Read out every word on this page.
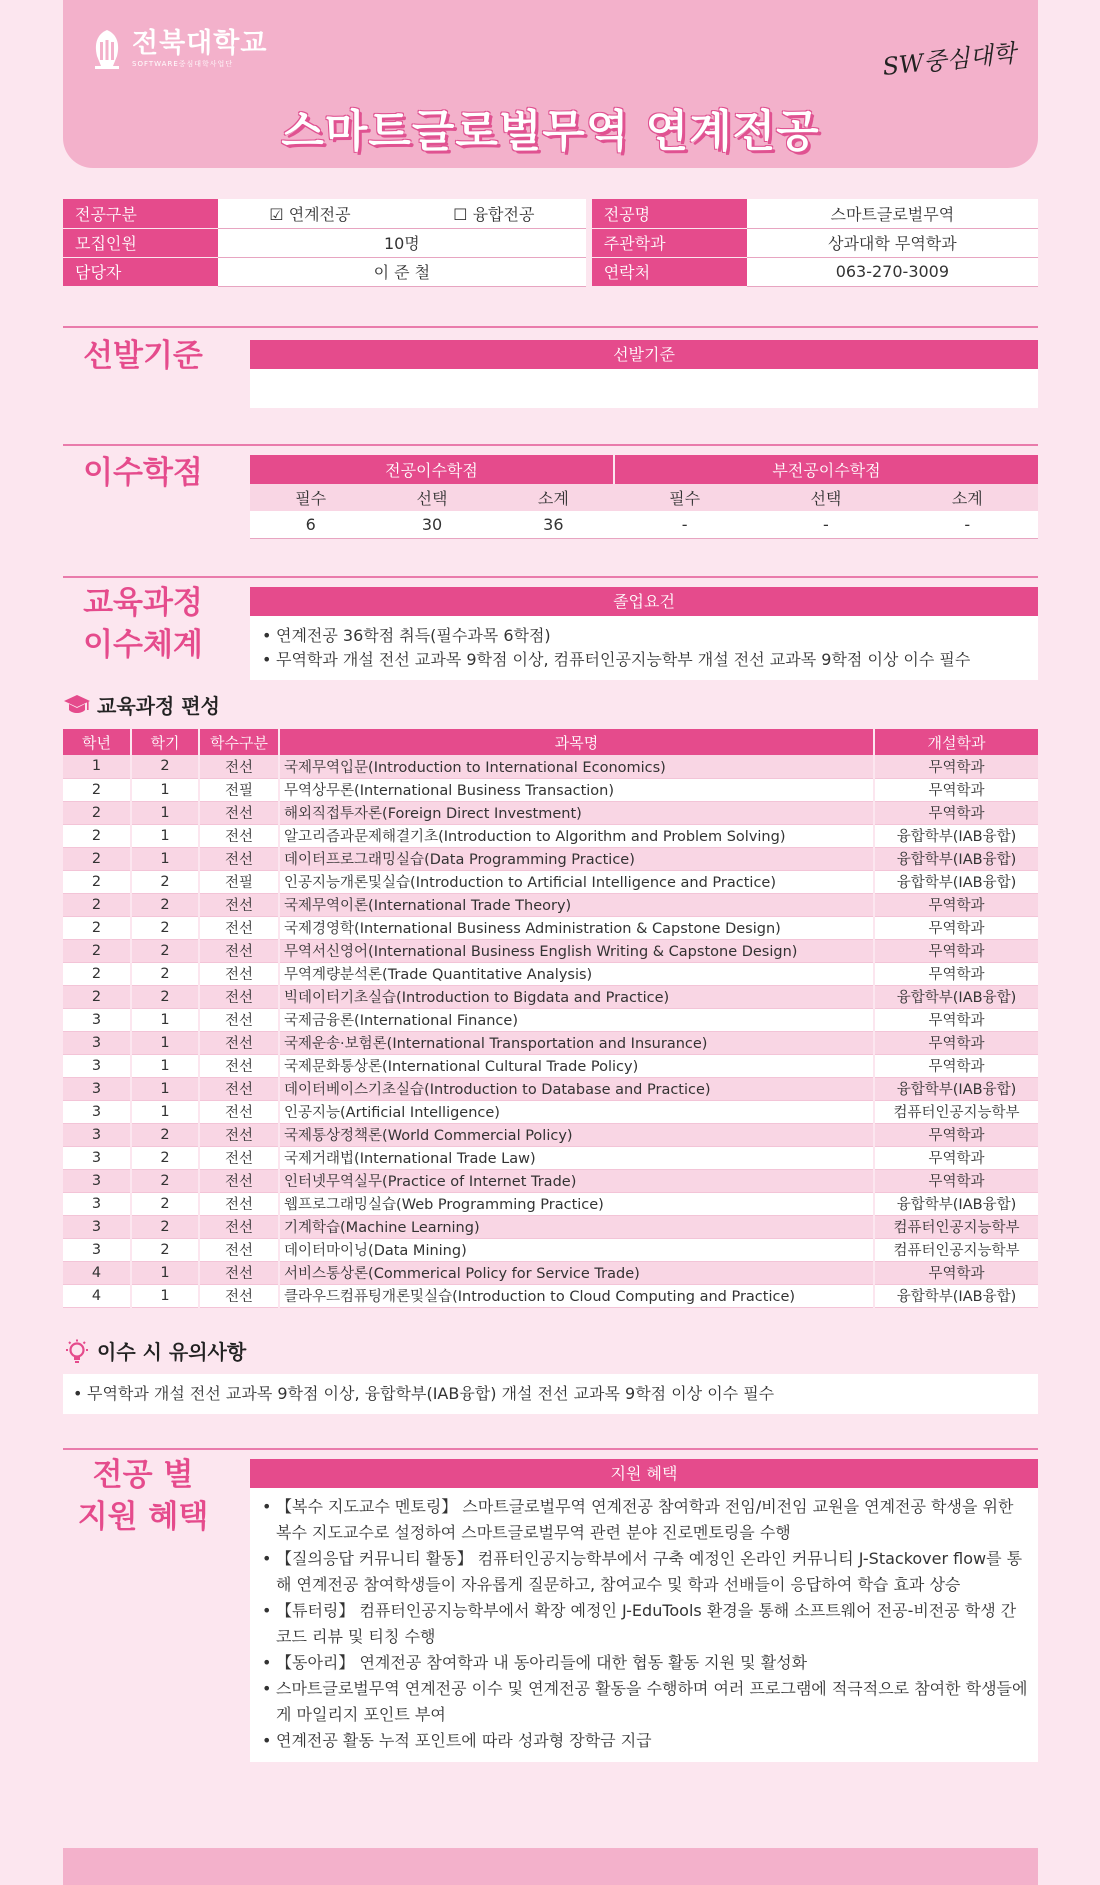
전북대학교
SOFTWARE중심대학사업단	SW중심대학
스마트글로벌무역 연계전공
전공구분	☑ 연계전공 ☐ 융합전공		전공명	스마트글로벌무역
모집인원	10명		주관학과	상과대학 무역학과
담당자	이 준 철		연락처	063-270-3009
선발기준	선발기준
이수학점	전공이수학점			부전공이수학점		
필수	선택	소계	필수	선택	소계
6	30	36	-	-	-
교육과정
이수체계
졸업요건
• 연계전공 36학점 취득(필수과목 6학점)
• 무역학과 개설 전선 교과목 9학점 이상, 컴퓨터인공지능학부 개설 전선 교과목 9학점 이상 이수 필수
교육과정 편성
학년	학기	학수구분	과목명	개설학과
1	2	전선	국제무역입문(Introduction to International Economics)	무역학과
2	1	전필	무역상무론(International Business Transaction)	무역학과
2	1	전선	해외직접투자론(Foreign Direct Investment)	무역학과
2	1	전선	알고리즘과문제해결기초(Introduction to Algorithm and Problem Solving)	융합학부(IAB융합)
2	1	전선	데이터프로그래밍실습(Data Programming Practice)	융합학부(IAB융합)
2	2	전필	인공지능개론및실습(Introduction to Artificial Intelligence and Practice)	융합학부(IAB융합)
2	2	전선	국제무역이론(International Trade Theory)	무역학과
2	2	전선	국제경영학(International Business Administration & Capstone Design)	무역학과
2	2	전선	무역서신영어(International Business English Writing & Capstone Design)	무역학과
2	2	전선	무역계량분석론(Trade Quantitative Analysis)	무역학과
2	2	전선	빅데이터기초실습(Introduction to Bigdata and Practice)	융합학부(IAB융합)
3	1	전선	국제금융론(International Finance)	무역학과
3	1	전선	국제운송·보험론(International Transportation and Insurance)	무역학과
3	1	전선	국제문화통상론(International Cultural Trade Policy)	무역학과
3	1	전선	데이터베이스기초실습(Introduction to Database and Practice)	융합학부(IAB융합)
3	1	전선	인공지능(Artificial Intelligence)	컴퓨터인공지능학부
3	2	전선	국제통상정책론(World Commercial Policy)	무역학과
3	2	전선	국제거래법(International Trade Law)	무역학과
3	2	전선	인터넷무역실무(Practice of Internet Trade)	무역학과
3	2	전선	웹프로그래밍실습(Web Programming Practice)	융합학부(IAB융합)
3	2	전선	기계학습(Machine Learning)	컴퓨터인공지능학부
3	2	전선	데이터마이닝(Data Mining)	컴퓨터인공지능학부
4	1	전선	서비스통상론(Commerical Policy for Service Trade)	무역학과
4	1	전선	클라우드컴퓨팅개론및실습(Introduction to Cloud Computing and Practice)	융합학부(IAB융합)
이수 시 유의사항
• 무역학과 개설 전선 교과목 9학점 이상, 융합학부(IAB융합) 개설 전선 교과목 9학점 이상 이수 필수
전공 별
지원 혜택
지원 혜택
• 【복수 지도교수 멘토링】 스마트글로벌무역 연계전공 참여학과 전임/비전임 교원을 연계전공 학생을 위한 복수 지도교수로 설정하여 스마트글로벌무역 관련 분야 진로멘토링을 수행
• 【질의응답 커뮤니티 활동】 컴퓨터인공지능학부에서 구축 예정인 온라인 커뮤니티 J-Stackover flow를 통해 연계전공 참여학생들이 자유롭게 질문하고, 참여교수 및 학과 선배들이 응답하여 학습 효과 상승
• 【튜터링】 컴퓨터인공지능학부에서 확장 예정인 J-EduTools 환경을 통해 소프트웨어 전공-비전공 학생 간 코드 리뷰 및 티칭 수행
• 【동아리】 연계전공 참여학과 내 동아리들에 대한 협동 활동 지원 및 활성화
• 스마트글로벌무역 연계전공 이수 및 연계전공 활동을 수행하며 여러 프로그램에 적극적으로 참여한 학생들에게 마일리지 포인트 부여
• 연계전공 활동 누적 포인트에 따라 성과형 장학금 지급
